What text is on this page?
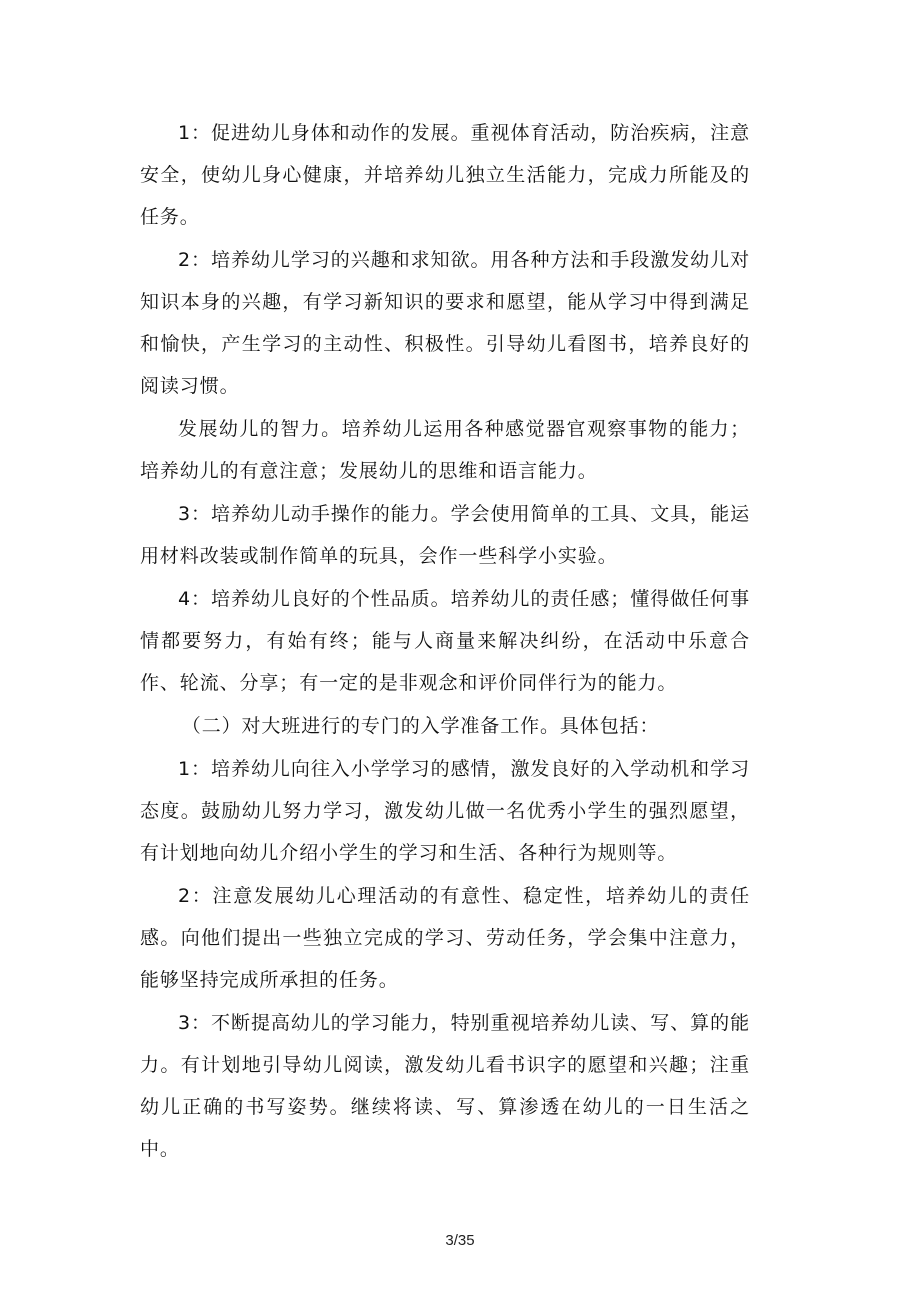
1：促进幼儿身体和动作的发展。重视体育活动，防治疾病，注意安全，使幼儿身心健康，并培养幼儿独立生活能力，完成力所能及的任务。

2：培养幼儿学习的兴趣和求知欲。用各种方法和手段激发幼儿对知识本身的兴趣，有学习新知识的要求和愿望，能从学习中得到满足和愉快，产生学习的主动性、积极性。引导幼儿看图书，培养良好的阅读习惯。

发展幼儿的智力。培养幼儿运用各种感觉器官观察事物的能力；培养幼儿的有意注意；发展幼儿的思维和语言能力。

3：培养幼儿动手操作的能力。学会使用简单的工具、文具，能运用材料改装或制作简单的玩具，会作一些科学小实验。

4：培养幼儿良好的个性品质。培养幼儿的责任感；懂得做任何事情都要努力，有始有终；能与人商量来解决纠纷，在活动中乐意合作、轮流、分享；有一定的是非观念和评价同伴行为的能力。

（二）对大班进行的专门的入学准备工作。具体包括：

1：培养幼儿向往入小学学习的感情，激发良好的入学动机和学习态度。鼓励幼儿努力学习，激发幼儿做一名优秀小学生的强烈愿望，有计划地向幼儿介绍小学生的学习和生活、各种行为规则等。

2：注意发展幼儿心理活动的有意性、稳定性，培养幼儿的责任感。向他们提出一些独立完成的学习、劳动任务，学会集中注意力，能够坚持完成所承担的任务。

3：不断提高幼儿的学习能力，特别重视培养幼儿读、写、算的能力。有计划地引导幼儿阅读，激发幼儿看书识字的愿望和兴趣；注重幼儿正确的书写姿势。继续将读、写、算渗透在幼儿的一日生活之中。

3/35
